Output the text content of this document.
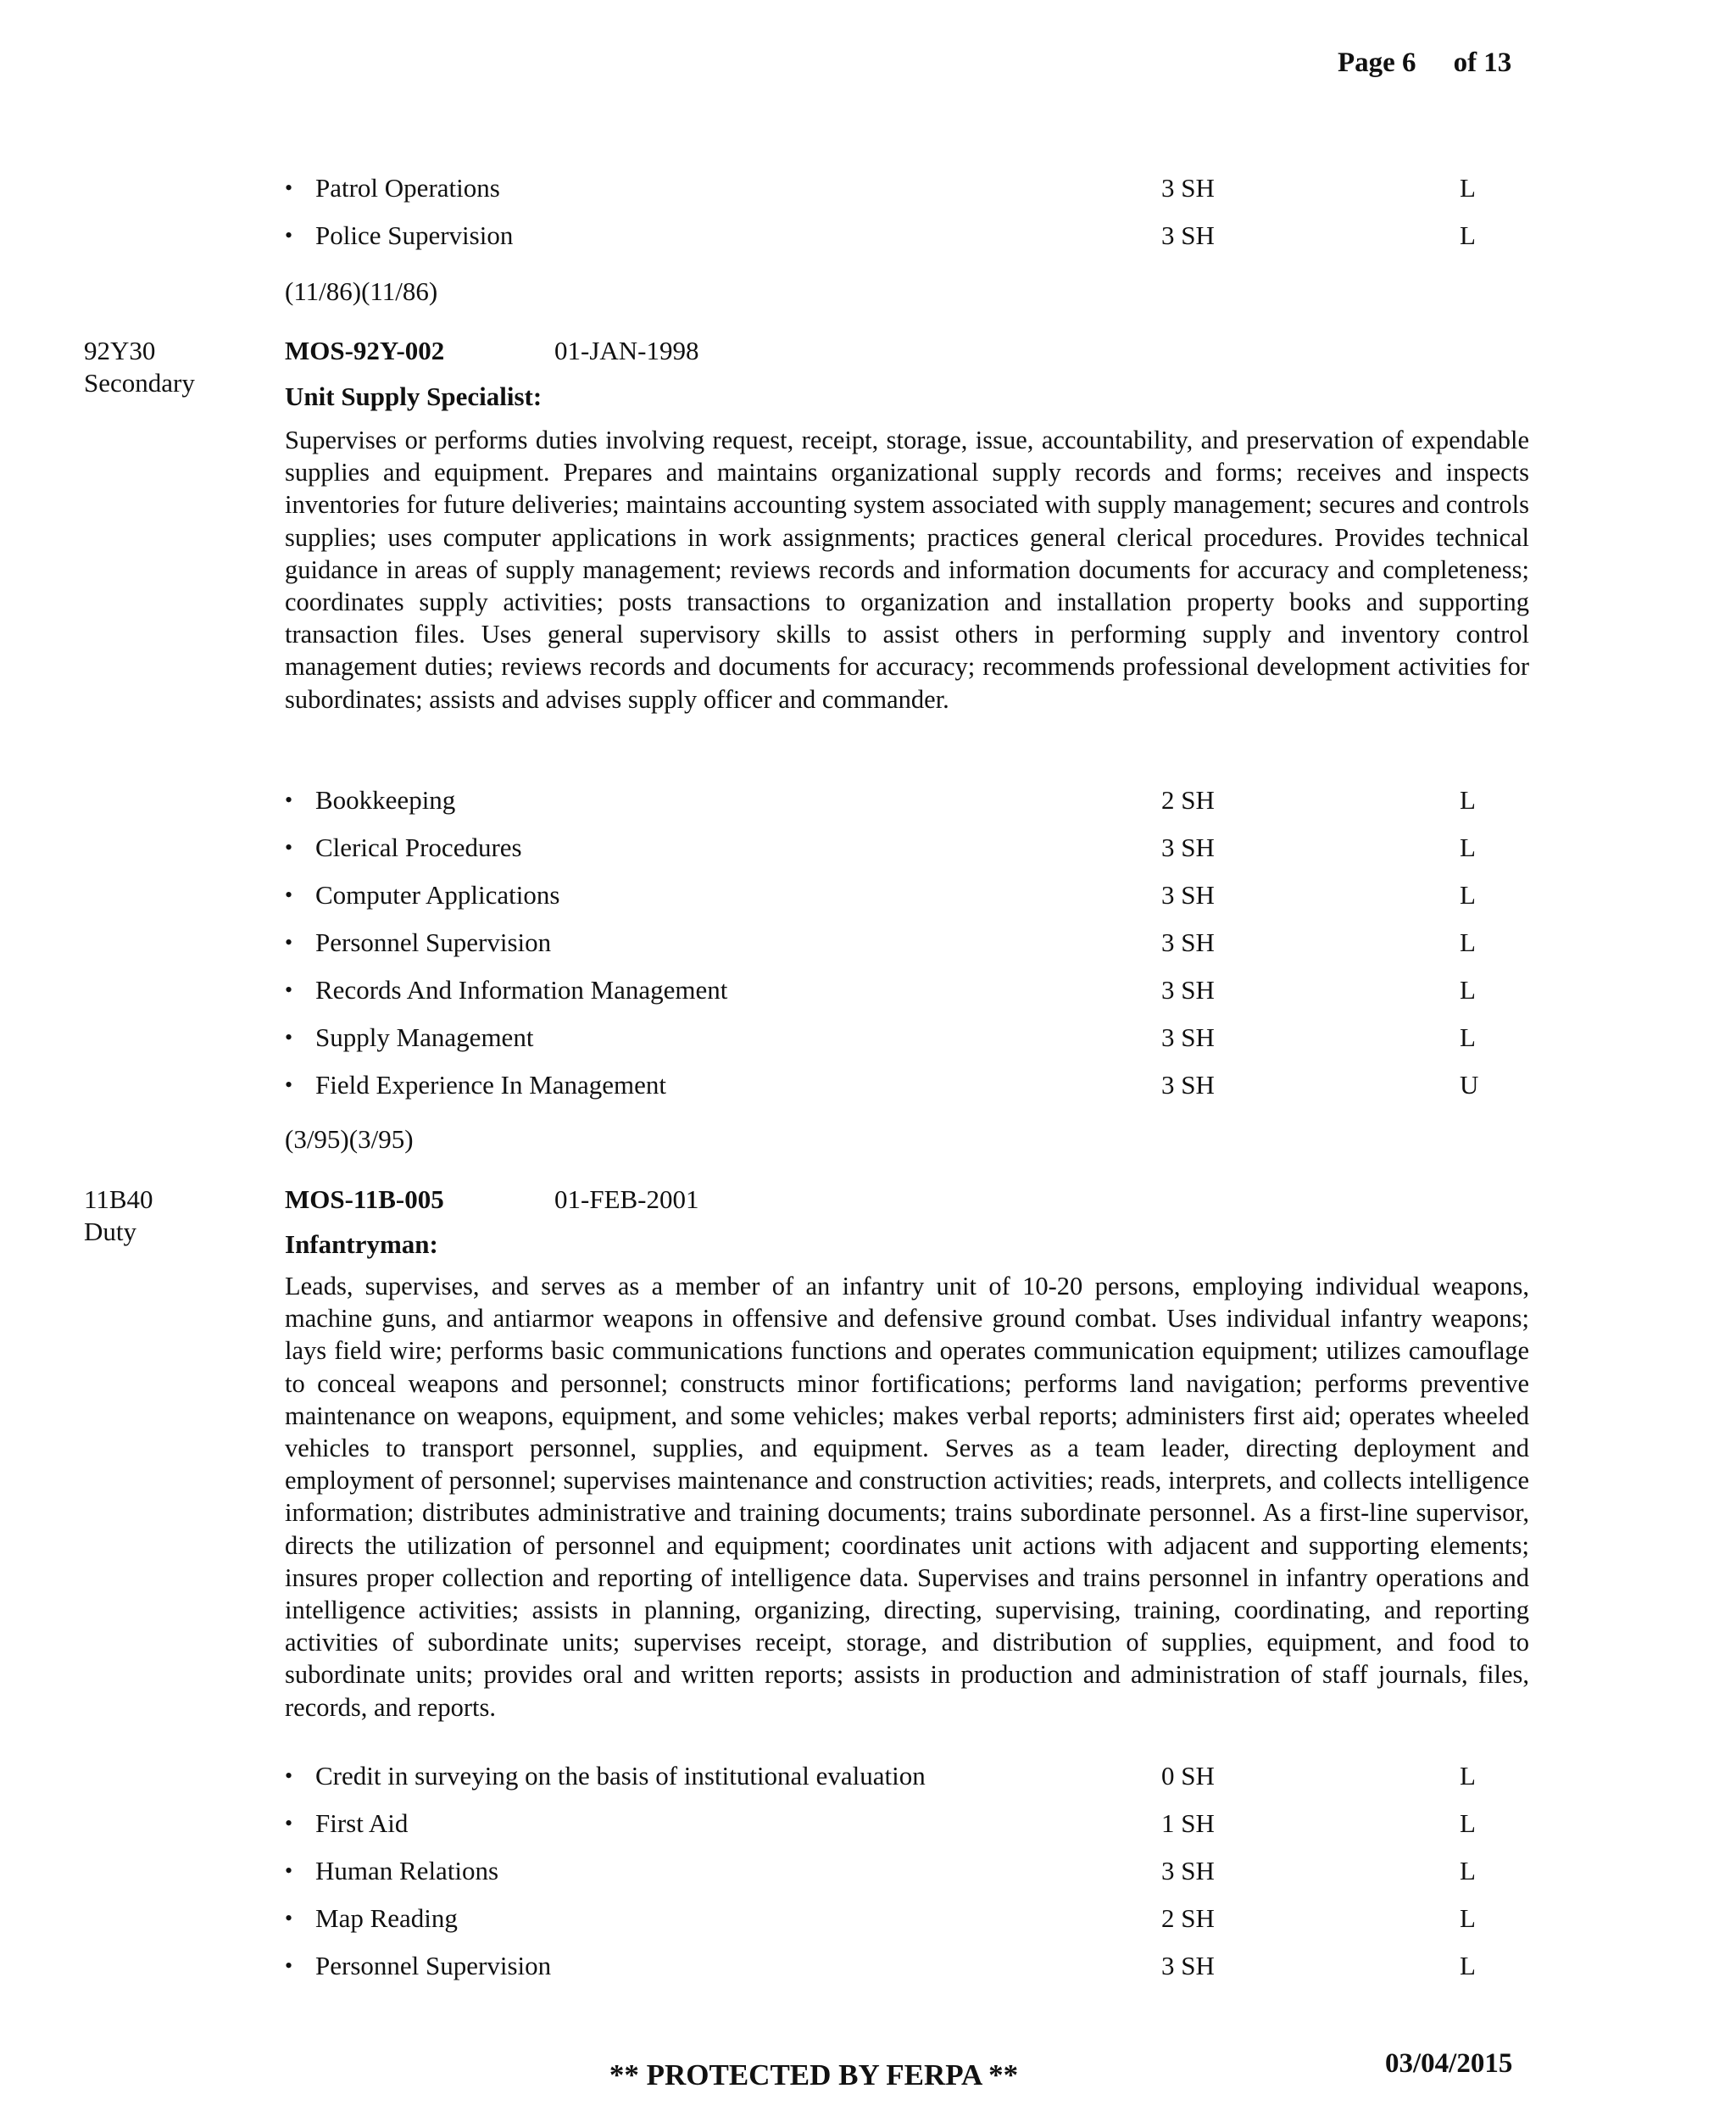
Page 6 of 13
• Patrol Operations	3 SH	L
• Police Supervision	3 SH	L
(11/86)(11/86)
92Y30
Secondary
MOS-92Y-002	01-JAN-1998
Unit Supply Specialist:
Supervises or performs duties involving request, receipt, storage, issue, accountability, and preservation of expendable supplies and equipment. Prepares and maintains organizational supply records and forms; receives and inspects inventories for future deliveries; maintains accounting system associated with supply management; secures and controls supplies; uses computer applications in work assignments; practices general clerical procedures. Provides technical guidance in areas of supply management; reviews records and information documents for accuracy and completeness; coordinates supply activities; posts transactions to organization and installation property books and supporting transaction files. Uses general supervisory skills to assist others in performing supply and inventory control management duties; reviews records and documents for accuracy; recommends professional development activities for subordinates; assists and advises supply officer and commander.
• Bookkeeping	2 SH	L
• Clerical Procedures	3 SH	L
• Computer Applications	3 SH	L
• Personnel Supervision	3 SH	L
• Records And Information Management	3 SH	L
• Supply Management	3 SH	L
• Field Experience In Management	3 SH	U
(3/95)(3/95)
11B40
Duty
MOS-11B-005	01-FEB-2001
Infantryman:
Leads, supervises, and serves as a member of an infantry unit of 10-20 persons, employing individual weapons, machine guns, and antiarmor weapons in offensive and defensive ground combat. Uses individual infantry weapons; lays field wire; performs basic communications functions and operates communication equipment; utilizes camouflage to conceal weapons and personnel; constructs minor fortifications; performs land navigation; performs preventive maintenance on weapons, equipment, and some vehicles; makes verbal reports; administers first aid; operates wheeled vehicles to transport personnel, supplies, and equipment. Serves as a team leader, directing deployment and employment of personnel; supervises maintenance and construction activities; reads, interprets, and collects intelligence information; distributes administrative and training documents; trains subordinate personnel. As a first-line supervisor, directs the utilization of personnel and equipment; coordinates unit actions with adjacent and supporting elements; insures proper collection and reporting of intelligence data. Supervises and trains personnel in infantry operations and intelligence activities; assists in planning, organizing, directing, supervising, training, coordinating, and reporting activities of subordinate units; supervises receipt, storage, and distribution of supplies, equipment, and food to subordinate units; provides oral and written reports; assists in production and administration of staff journals, files, records, and reports.
• Credit in surveying on the basis of institutional evaluation	0 SH	L
• First Aid	1 SH	L
• Human Relations	3 SH	L
• Map Reading	2 SH	L
• Personnel Supervision	3 SH	L
03/04/2015
** PROTECTED BY FERPA **
